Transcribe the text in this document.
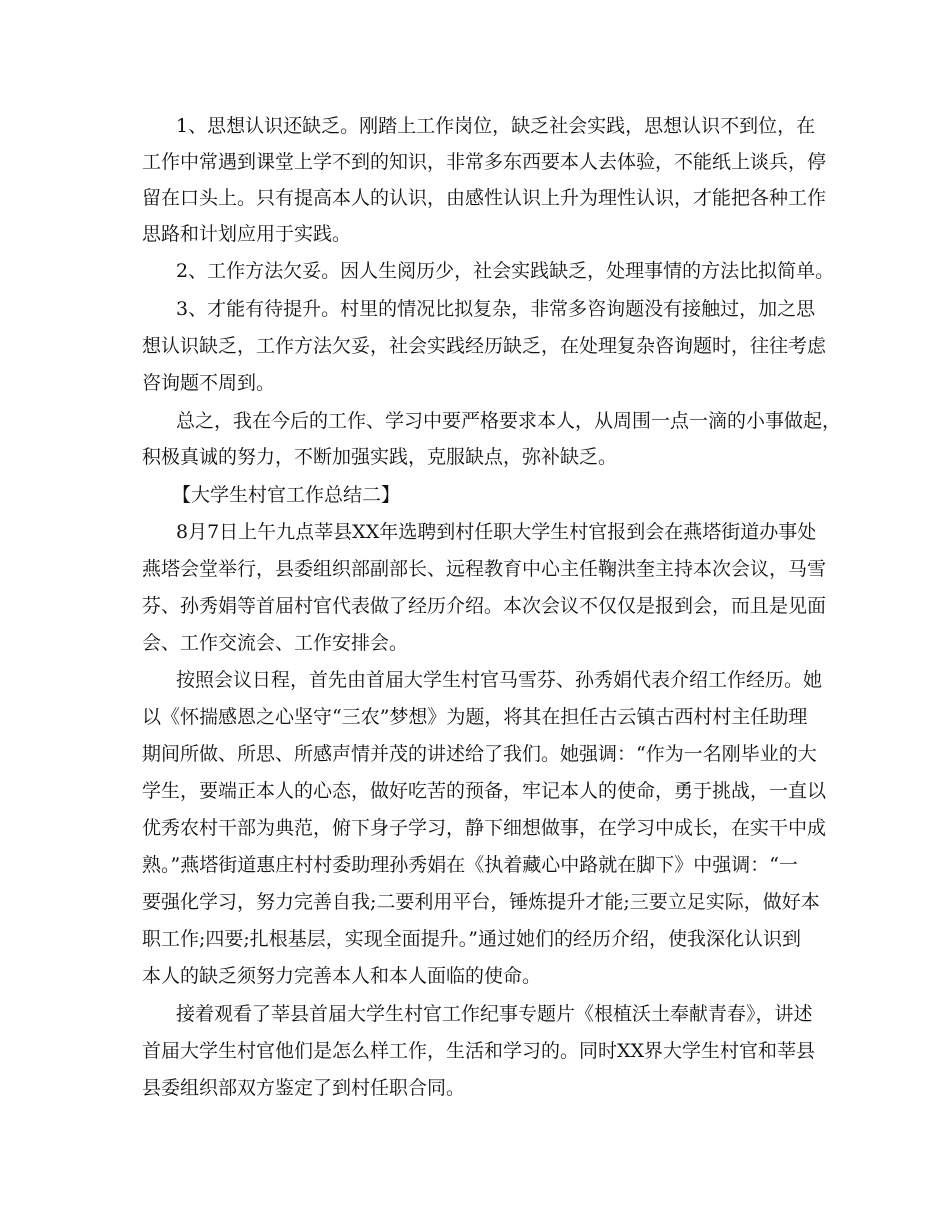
1、思想认识还缺乏。刚踏上工作岗位，缺乏社会实践，思想认识不到位，在
工作中常遇到课堂上学不到的知识，非常多东西要本人去体验，不能纸上谈兵，停
留在口头上。只有提高本人的认识，由感性认识上升为理性认识，才能把各种工作
思路和计划应用于实践。
2、工作方法欠妥。因人生阅历少，社会实践缺乏，处理事情的方法比拟简单。
3、才能有待提升。村里的情况比拟复杂，非常多咨询题没有接触过，加之思
想认识缺乏，工作方法欠妥，社会实践经历缺乏，在处理复杂咨询题时，往往考虑
咨询题不周到。
总之，我在今后的工作、学习中要严格要求本人，从周围一点一滴的小事做起，
积极真诚的努力，不断加强实践，克服缺点，弥补缺乏。
【大学生村官工作总结二】
8月7日上午九点莘县XX年选聘到村任职大学生村官报到会在燕塔街道办事处
燕塔会堂举行，县委组织部副部长、远程教育中心主任鞠洪奎主持本次会议，马雪
芬、孙秀娟等首届村官代表做了经历介绍。本次会议不仅仅是报到会，而且是见面
会、工作交流会、工作安排会。
按照会议日程，首先由首届大学生村官马雪芬、孙秀娟代表介绍工作经历。她
以《怀揣感恩之心坚守“三农”梦想》为题，将其在担任古云镇古西村村主任助理
期间所做、所思、所感声情并茂的讲述给了我们。她强调：“作为一名刚毕业的大
学生，要端正本人的心态，做好吃苦的预备，牢记本人的使命，勇于挑战，一直以
优秀农村干部为典范，俯下身子学习，静下细想做事，在学习中成长，在实干中成
熟。”燕塔街道惠庄村村委助理孙秀娟在《执着藏心中路就在脚下》中强调：“一
要强化学习，努力完善自我;二要利用平台，锤炼提升才能;三要立足实际，做好本
职工作;四要;扎根基层，实现全面提升。”通过她们的经历介绍，使我深化认识到
本人的缺乏须努力完善本人和本人面临的使命。
接着观看了莘县首届大学生村官工作纪事专题片《根植沃土奉献青春》，讲述
首届大学生村官他们是怎么样工作，生活和学习的。同时XX界大学生村官和莘县
县委组织部双方鉴定了到村任职合同。
